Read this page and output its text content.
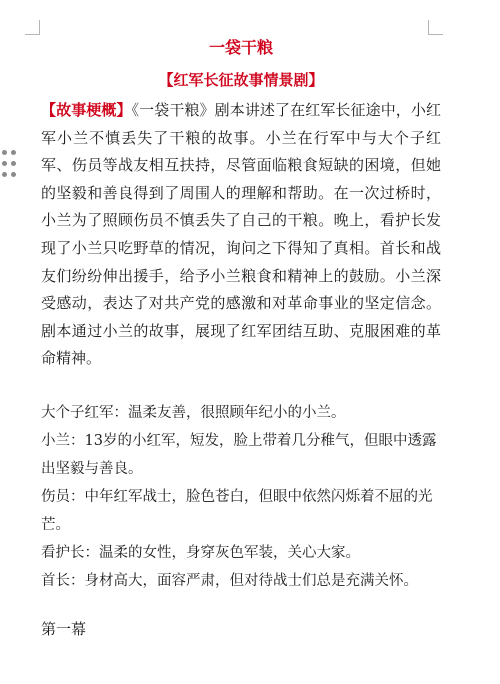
一袋干粮
【红军长征故事情景剧】

【故事梗概】《一袋干粮》剧本讲述了在红军长征途中，小红军小兰不慎丢失了干粮的故事。小兰在行军中与大个子红军、伤员等战友相互扶持，尽管面临粮食短缺的困境，但她的坚毅和善良得到了周围人的理解和帮助。在一次过桥时，小兰为了照顾伤员不慎丢失了自己的干粮。晚上，看护长发现了小兰只吃野草的情况，询问之下得知了真相。首长和战友们纷纷伸出援手，给予小兰粮食和精神上的鼓励。小兰深受感动，表达了对共产党的感激和对革命事业的坚定信念。剧本通过小兰的故事，展现了红军团结互助、克服困难的革命精神。

大个子红军：温柔友善，很照顾年纪小的小兰。
小兰：13岁的小红军，短发，脸上带着几分稚气，但眼中透露出坚毅与善良。
伤员：中年红军战士，脸色苍白，但眼中依然闪烁着不屈的光芒。
看护长：温柔的女性，身穿灰色军装，关心大家。
首长：身材高大，面容严肃，但对待战士们总是充满关怀。

第一幕
